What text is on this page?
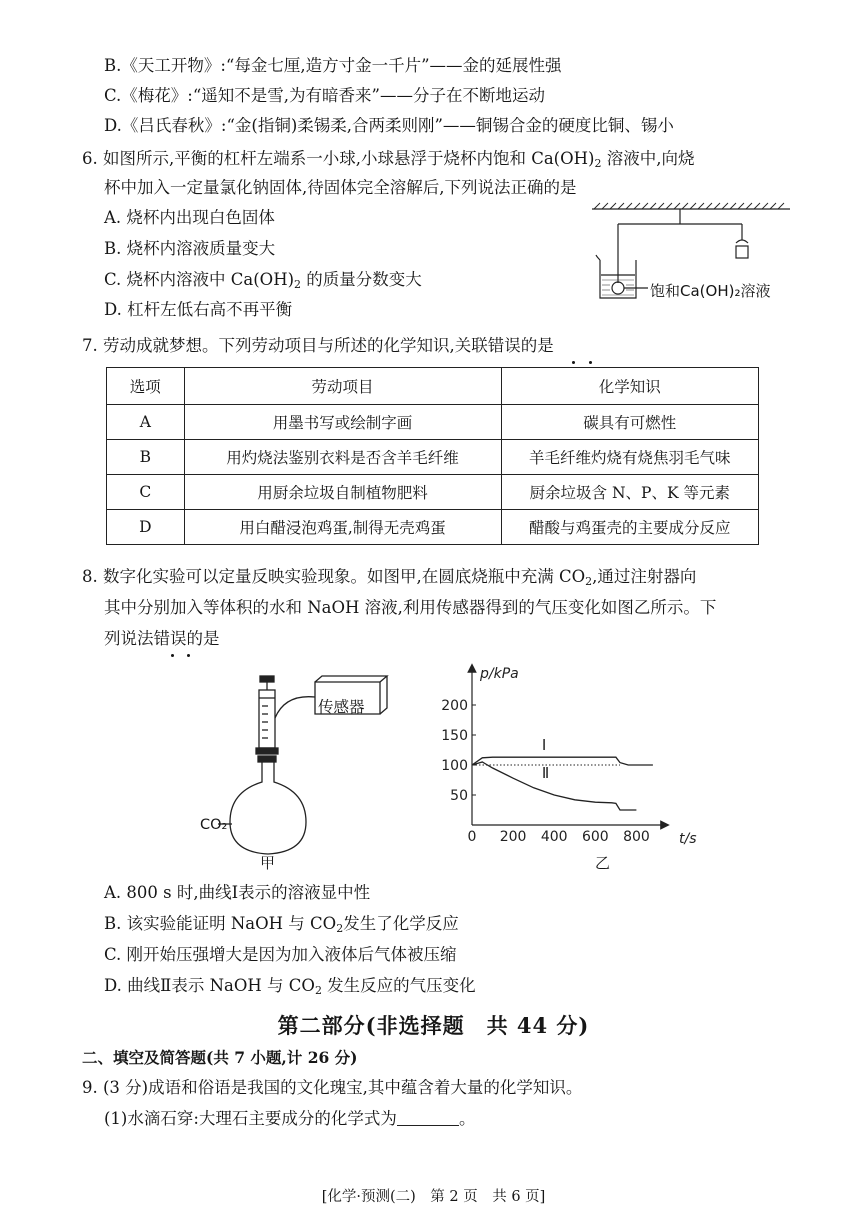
B.《天工开物》:“每金七厘,造方寸金一千片”——金的延展性强
C.《梅花》:“遥知不是雪,为有暗香来”——分子在不断地运动
D.《吕氏春秋》:“金(指铜)柔锡柔,合两柔则刚”——铜锡合金的硬度比铜、锡小
6. 如图所示,平衡的杠杆左端系一小球,小球悬浮于烧杯内饱和 $Ca(OH)_2$ 溶液中,向烧
杯中加入一定量氯化钠固体,待固体完全溶解后,下列说法正确的是
A. 烧杯内出现白色固体
B. 烧杯内溶液质量变大
C. 烧杯内溶液中 $Ca(OH)_2$ 的质量分数变大
D. 杠杆左低右高不再平衡
饱和Ca(OH)₂溶液
7. 劳动成就梦想。下列劳动项目与所述的化学知识,关联错误的是
选项	劳动项目	化学知识
A	用墨书写或绘制字画	碳具有可燃性
B	用灼烧法鉴别衣料是否含羊毛纤维	羊毛纤维灼烧有烧焦羽毛气味
C	用厨余垃圾自制植物肥料	厨余垃圾含 N、P、K 等元素
D	用白醋浸泡鸡蛋,制得无壳鸡蛋	醋酸与鸡蛋壳的主要成分反应
8. 数字化实验可以定量反映实验现象。如图甲,在圆底烧瓶中充满 $CO_2$,通过注射器向
其中分别加入等体积的水和 NaOH 溶液,利用传感器得到的气压变化如图乙所示。下
列说法错误的是
传感器
CO₂
甲
0 200 400 600 800
50
100
150
200
p/kPa
t/s
Ⅰ
Ⅱ
乙
A. 800 s 时,曲线Ⅰ表示的溶液显中性
B. 该实验能证明 NaOH 与 $CO_2$发生了化学反应
C. 刚开始压强增大是因为加入液体后气体被压缩
D. 曲线Ⅱ表示 NaOH 与 $CO_2$ 发生反应的气压变化
第二部分(非选择题　共 44 分)
二、填空及简答题(共 7 小题,计 26 分)
9. (3 分)成语和俗语是我国的文化瑰宝,其中蕴含着大量的化学知识。
(1)水滴石穿:大理石主要成分的化学式为	。
[化学·预测(二)　第 2 页　共 6 页]
